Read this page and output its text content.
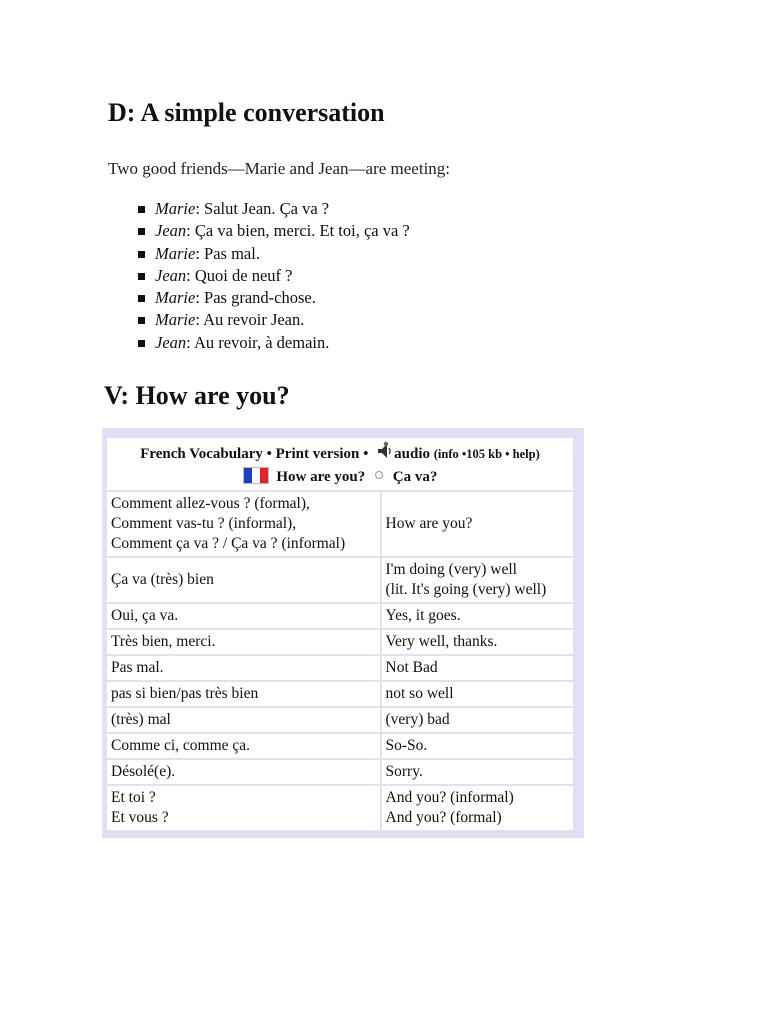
D: A simple conversation

Two good friends—Marie and Jean—are meeting:

Marie: Salut Jean. Ça va ?
Jean: Ça va bien, merci. Et toi, ça va ?
Marie: Pas mal.
Jean: Quoi de neuf ?
Marie: Pas grand-chose.
Marie: Au revoir Jean.
Jean: Au revoir, à demain.
V: How are you?
French Vocabulary • Print version • audio (info •105 kb • help)
How are you? Ça va?	

Comment allez-vous ? (formal),
Comment vas-tu ? (informal),
Comment ça va ? / Ça va ? (informal)	How are you?

Ça va (très) bien	I'm doing (very) well
(lit. It's going (very) well)

Oui, ça va.	Yes, it goes.

Très bien, merci.	Very well, thanks.

Pas mal.	Not Bad

pas si bien/pas très bien	not so well

(très) mal	(very) bad

Comme ci, comme ça.	So-So.

Désolé(e).	Sorry.

Et toi ?
Et vous ?	And you? (informal)
And you? (formal)
